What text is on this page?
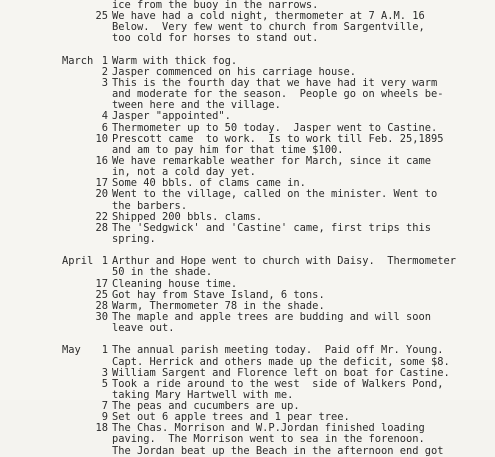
ice from the buoy in the narrows.
25 We have had a cold night, thermometer at 7 A.M. 16
Below.  Very few went to church from Sargentville,
too cold for horses to stand out.
March 1 Warm with thick fog.
2 Jasper commenced on his carriage house.
3 This is the fourth day that we have had it very warm
and moderate for the season.  People go on wheels be-
tween here and the village.
4 Jasper "appointed".
6 Thermometer up to 50 today.  Jasper went to Castine.
10 Prescott came  to work.  Is to work till Feb. 25,1895
and am to pay him for that time $100.
16 We have remarkable weather for March, since it came
in, not a cold day yet.
17 Some 40 bbls. of clams came in.
20 Went to the village, called on the minister. Went to
the barbers.
22 Shipped 200 bbls. clams.
28 The 'Sedgwick' and 'Castine' came, first trips this
spring.
April 1 Arthur and Hope went to church with Daisy.  Thermometer
50 in the shade.
17 Cleaning house time.
25 Got hay from Stave Island, 6 tons.
28 Warm, Thermometer 78 in the shade.
30 The maple and apple trees are budding and will soon
leave out.
May	1 The annual parish meeting today.  Paid off Mr. Young.
Capt. Herrick and others made up the deficit, some $8.
3 William Sargent and Florence left on boat for Castine.
5 Took a ride around to the west  side of Walkers Pond,
taking Mary Hartwell with me.
7 The peas and cucumbers are up.
9 Set out 6 apple trees and 1 pear tree.
18 The Chas. Morrison and W.P.Jordan finished loading
paving.  The Morrison went to sea in the forenoon.
The Jordan beat up the Beach in the afternoon end got
